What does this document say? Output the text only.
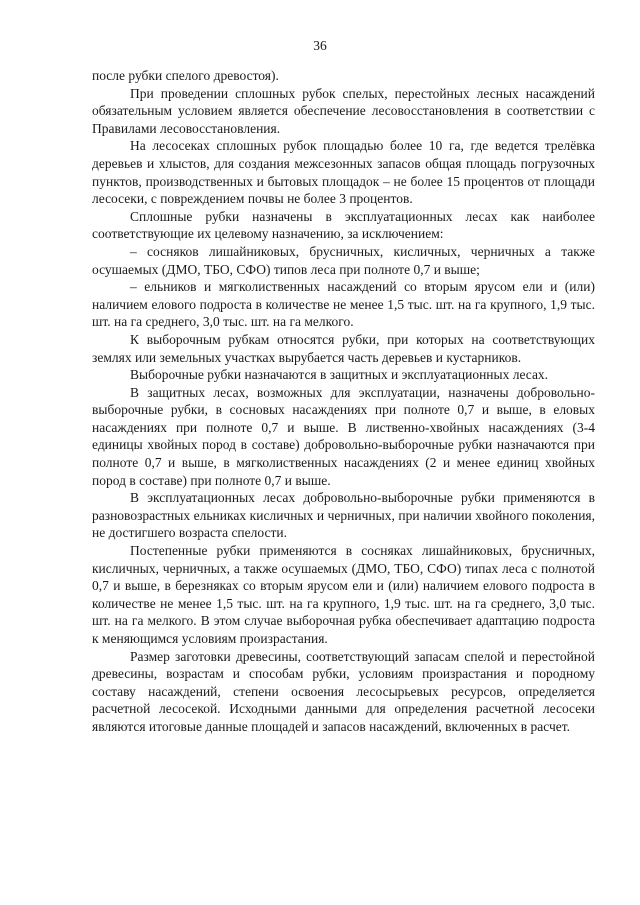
36

после рубки спелого древостоя).

При проведении сплошных рубок спелых, перестойных лесных насаждений обязательным условием является обеспечение лесовосстановления в соответствии с Правилами лесовосстановления.

На лесосеках сплошных рубок площадью более 10 га, где ведется трелёвка деревьев и хлыстов, для создания межсезонных запасов общая площадь погрузочных пунктов, производственных и бытовых площадок – не более 15 процентов от площади лесосеки, с повреждением почвы не более 3 процентов.

Сплошные рубки назначены в эксплуатационных лесах как наиболее соответствующие их целевому назначению, за исключением:

– сосняков лишайниковых, брусничных, кисличных, черничных а также осушаемых (ДМО, ТБО, СФО) типов леса при полноте 0,7 и выше;

– ельников и мягколиственных насаждений со вторым ярусом ели и (или) наличием елового подроста в количестве не менее 1,5 тыс. шт. на га крупного, 1,9 тыс. шт. на га среднего, 3,0 тыс. шт. на га мелкого.

К выборочным рубкам относятся рубки, при которых на соответствующих землях или земельных участках вырубается часть деревьев и кустарников.

Выборочные рубки назначаются в защитных и эксплуатационных лесах.

В защитных лесах, возможных для эксплуатации, назначены добровольно-выборочные рубки, в сосновых насаждениях при полноте 0,7 и выше, в еловых насаждениях при полноте 0,7 и выше. В лиственно-хвойных насаждениях (3-4 единицы хвойных пород в составе) добровольно-выборочные рубки назначаются при полноте 0,7 и выше, в мягколиственных насаждениях (2 и менее единиц хвойных пород в составе) при полноте 0,7 и выше.

В эксплуатационных лесах добровольно-выборочные рубки применяются в разновозрастных ельниках кисличных и черничных, при наличии хвойного поколения, не достигшего возраста спелости.

Постепенные рубки применяются в сосняках лишайниковых, брусничных, кисличных, черничных, а также осушаемых (ДМО, ТБО, СФО) типах леса с полнотой 0,7 и выше, в березняках со вторым ярусом ели и (или) наличием елового подроста в количестве не менее 1,5 тыс. шт. на га крупного, 1,9 тыс. шт. на га среднего, 3,0 тыс. шт. на га мелкого. В этом случае выборочная рубка обеспечивает адаптацию подроста к меняющимся условиям произрастания.

Размер заготовки древесины, соответствующий запасам спелой и перестойной древесины, возрастам и способам рубки, условиям произрастания и породному составу насаждений, степени освоения лесосырьевых ресурсов, определяется расчетной лесосекой. Исходными данными для определения расчетной лесосеки являются итоговые данные площадей и запасов насаждений, включенных в расчет.
